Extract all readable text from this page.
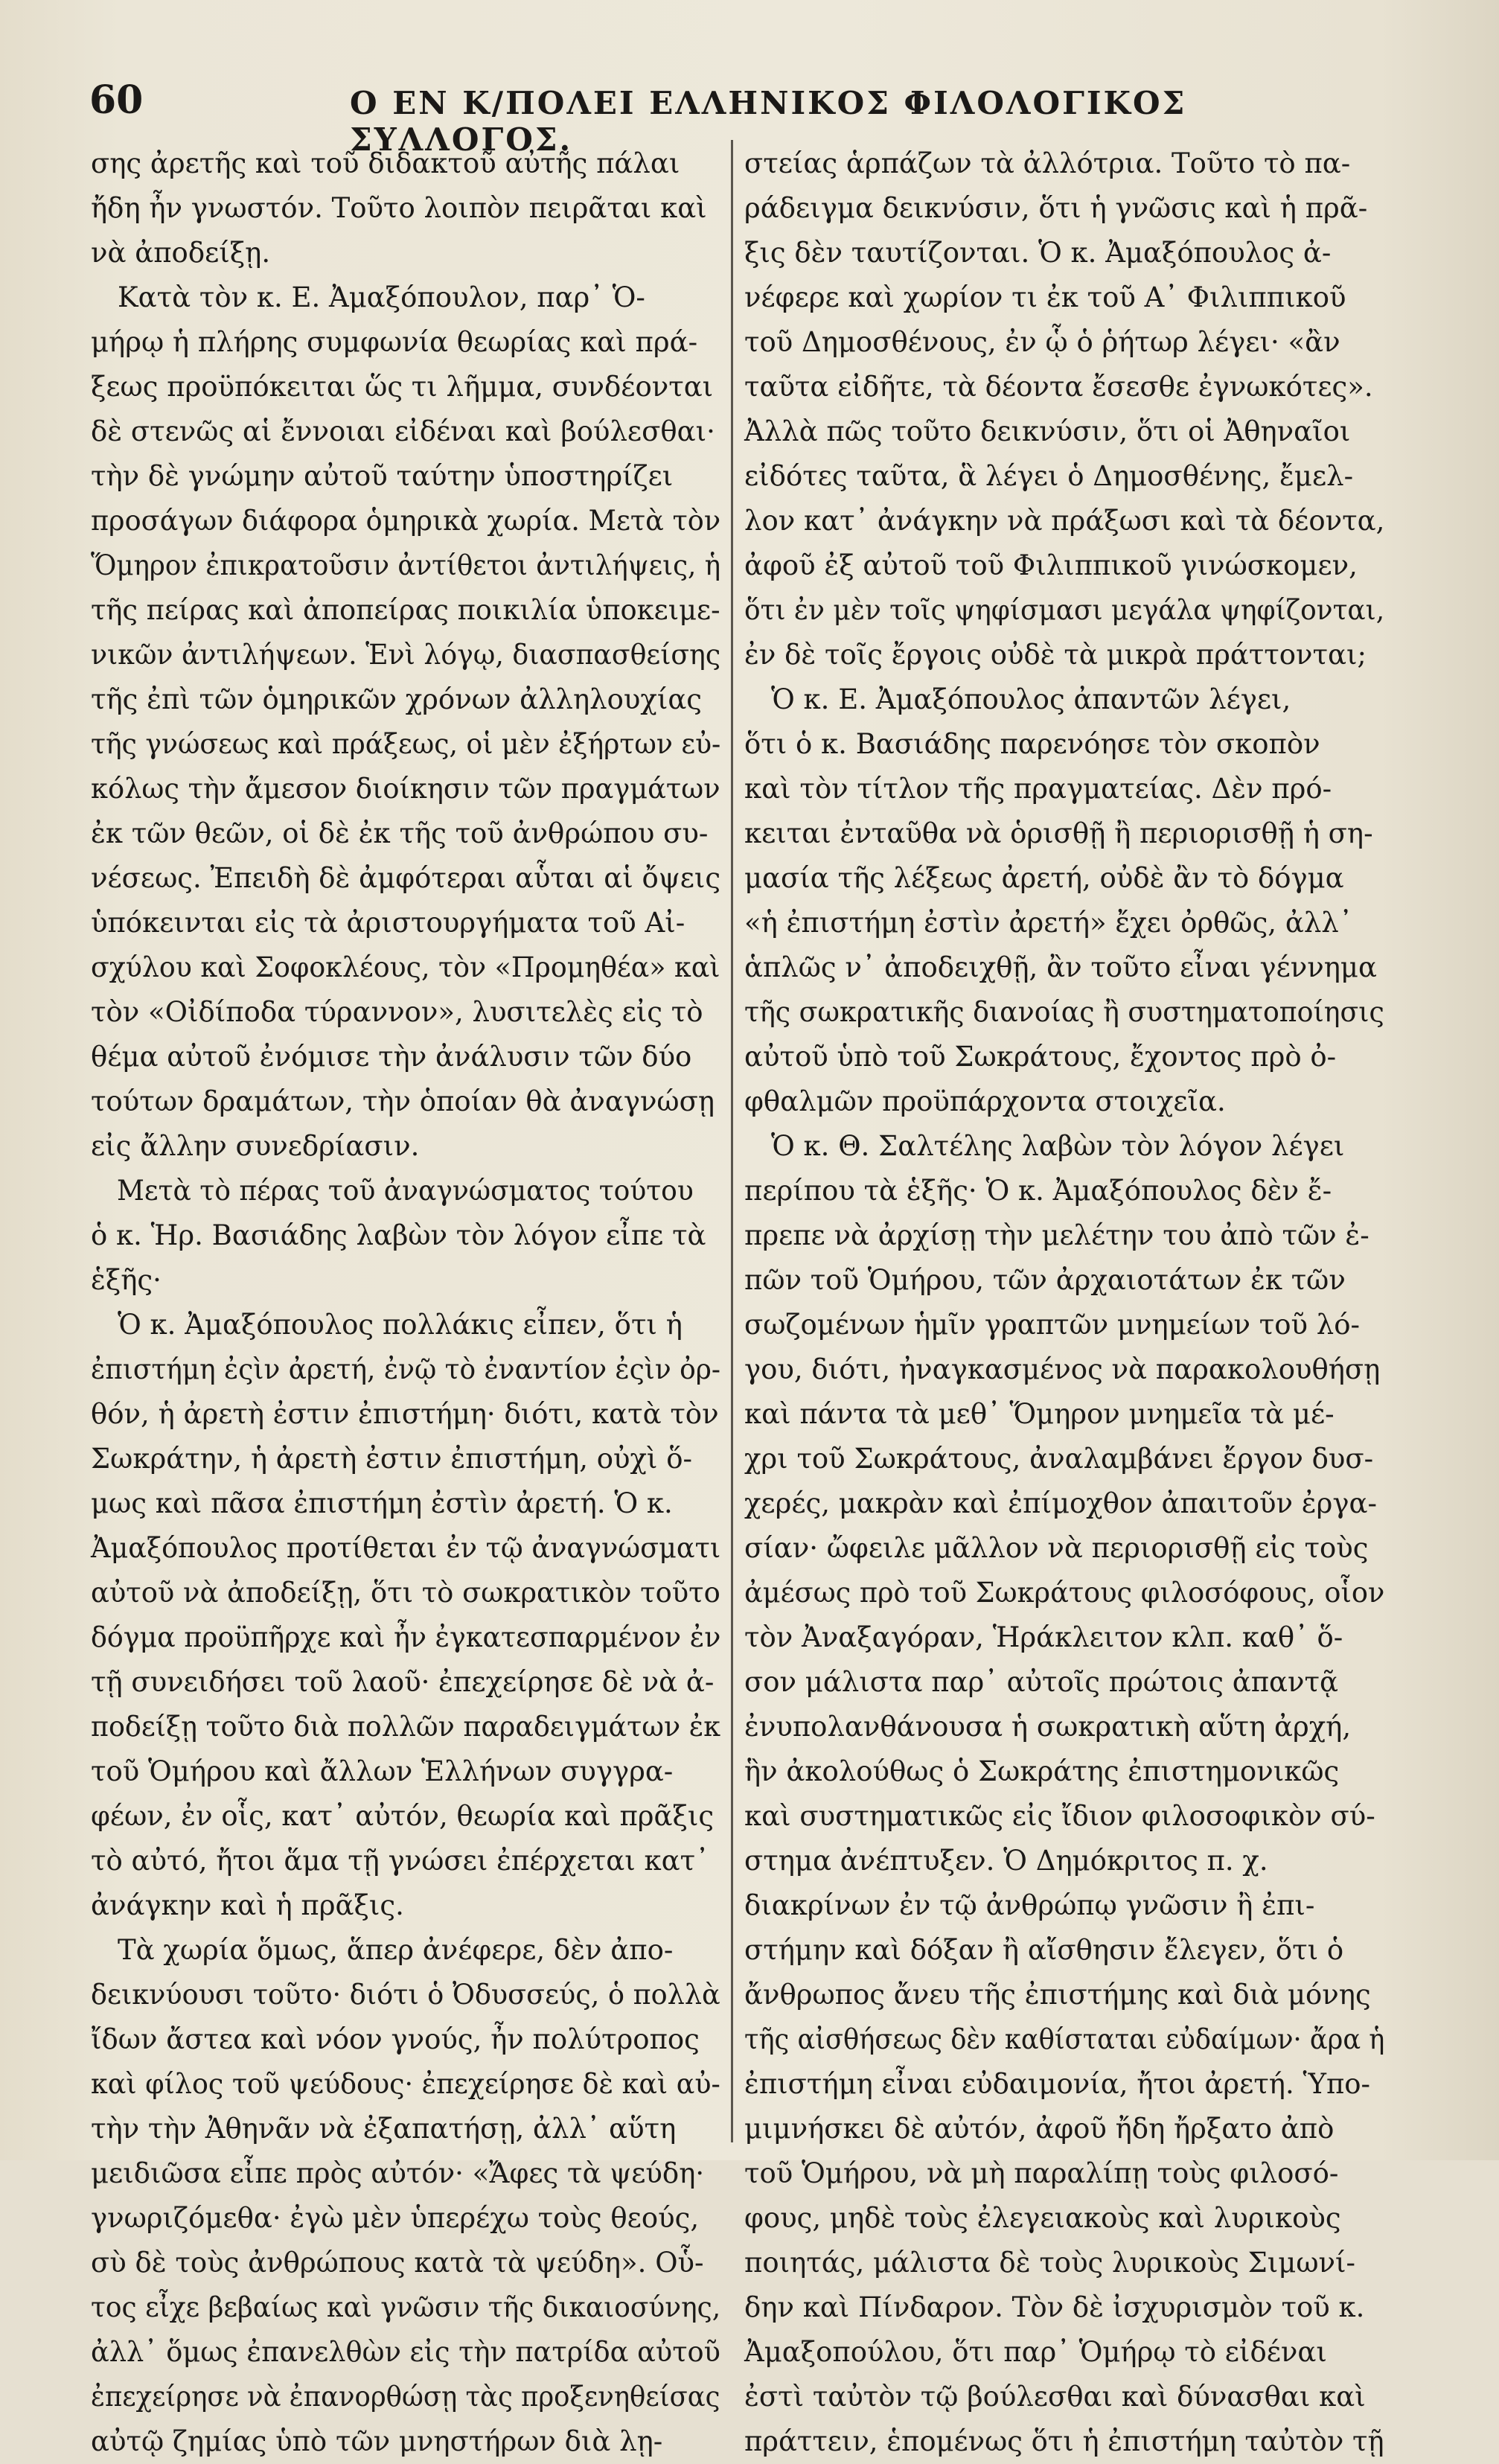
60	Ο ΕΝ Κ/ΠΟΛΕΙ ΕΛΛΗΝΙΚΟΣ ΦΙΛΟΛΟΓΙΚΟΣ ΣΥΛΛΟΓΟΣ.
σης ἀρετῆς καὶ τοῦ διδακτοῦ αὐτῆς πάλαι
ἤδη ἦν γνωστόν. Τοῦτο λοιπὸν πειρᾶται καὶ
νὰ ἀποδείξῃ.
Κατὰ τὸν κ. Ε. Ἀμαξόπουλον, παρ᾽ Ὁ-
μήρῳ ἡ πλήρης συμφωνία θεωρίας καὶ πρά-
ξεως προϋπόκειται ὥς τι λῆμμα, συνδέονται
δὲ στενῶς αἱ ἔννοιαι εἰδέναι καὶ βούλεσθαι·
τὴν δὲ γνώμην αὐτοῦ ταύτην ὑποστηρίζει
προσάγων διάφορα ὁμηρικὰ χωρία. Μετὰ τὸν
Ὅμηρον ἐπικρατοῦσιν ἀντίθετοι ἀντιλήψεις, ἡ
τῆς πείρας καὶ ἀποπείρας ποικιλία ὑποκειμε-
νικῶν ἀντιλήψεων. Ἑνὶ λόγῳ, διασπασθείσης
τῆς ἐπὶ τῶν ὁμηρικῶν χρόνων ἀλληλουχίας
τῆς γνώσεως καὶ πράξεως, οἱ μὲν ἐξήρτων εὐ-
κόλως τὴν ἄμεσον διοίκησιν τῶν πραγμάτων
ἐκ τῶν θεῶν, οἱ δὲ ἐκ τῆς τοῦ ἀνθρώπου συ-
νέσεως. Ἐπειδὴ δὲ ἀμφότεραι αὗται αἱ ὄψεις
ὑπόκεινται εἰς τὰ ἀριστουργήματα τοῦ Αἰ-
σχύλου καὶ Σοφοκλέους, τὸν «Προμηθέα» καὶ
τὸν «Οἰδίποδα τύραννον», λυσιτελὲς εἰς τὸ
θέμα αὐτοῦ ἐνόμισε τὴν ἀνάλυσιν τῶν δύο
τούτων δραμάτων, τὴν ὁποίαν θὰ ἀναγνώσῃ
εἰς ἄλλην συνεδρίασιν.
Μετὰ τὸ πέρας τοῦ ἀναγνώσματος τούτου
ὁ κ. Ἡρ. Βασιάδης λαβὼν τὸν λόγον εἶπε τὰ
ἑξῆς·
Ὁ κ. Ἀμαξόπουλος πολλάκις εἶπεν, ὅτι ἡ
ἐπιστήμη ἐςὶν ἀρετή, ἐνῷ τὸ ἐναντίον ἐςὶν ὀρ-
θόν, ἡ ἀρετὴ ἐστιν ἐπιστήμη· διότι, κατὰ τὸν
Σωκράτην, ἡ ἀρετὴ ἐστιν ἐπιστήμη, οὐχὶ ὅ-
μως καὶ πᾶσα ἐπιστήμη ἐστὶν ἀρετή. Ὁ κ.
Ἀμαξόπουλος προτίθεται ἐν τῷ ἀναγνώσματι
αὐτοῦ νὰ ἀποδείξῃ, ὅτι τὸ σωκρατικὸν τοῦτο
δόγμα προϋπῆρχε καὶ ἦν ἐγκατεσπαρμένον ἐν
τῇ συνειδήσει τοῦ λαοῦ· ἐπεχείρησε δὲ νὰ ἀ-
ποδείξῃ τοῦτο διὰ πολλῶν παραδειγμάτων ἐκ
τοῦ Ὁμήρου καὶ ἄλλων Ἑλλήνων συγγρα-
φέων, ἐν οἷς, κατ᾽ αὐτόν, θεωρία καὶ πρᾶξις
τὸ αὐτό, ἤτοι ἅμα τῇ γνώσει ἐπέρχεται κατ᾽
ἀνάγκην καὶ ἡ πρᾶξις.
Τὰ χωρία ὅμως, ἅπερ ἀνέφερε, δὲν ἀπο-
δεικνύουσι τοῦτο· διότι ὁ Ὀδυσσεύς, ὁ πολλὰ
ἴδων ἄστεα καὶ νόον γνούς, ἦν πολύτροπος
καὶ φίλος τοῦ ψεύδους· ἐπεχείρησε δὲ καὶ αὐ-
τὴν τὴν Ἀθηνᾶν νὰ ἐξαπατήσῃ, ἀλλ᾽ αὕτη
μειδιῶσα εἶπε πρὸς αὐτόν· «Ἄφες τὰ ψεύδη·
γνωριζόμεθα· ἐγὼ μὲν ὑπερέχω τοὺς θεούς,
σὺ δὲ τοὺς ἀνθρώπους κατὰ τὰ ψεύδη». Οὗ-
τος εἶχε βεβαίως καὶ γνῶσιν τῆς δικαιοσύνης,
ἀλλ᾽ ὅμως ἐπανελθὼν εἰς τὴν πατρίδα αὐτοῦ
ἐπεχείρησε νὰ ἐπανορθώσῃ τὰς προξενηθείσας
αὐτῷ ζημίας ὑπὸ τῶν μνηστήρων διὰ λῃ-
στείας ἁρπάζων τὰ ἀλλότρια. Τοῦτο τὸ πα-
ράδειγμα δεικνύσιν, ὅτι ἡ γνῶσις καὶ ἡ πρᾶ-
ξις δὲν ταυτίζονται. Ὁ κ. Ἀμαξόπουλος ἀ-
νέφερε καὶ χωρίον τι ἐκ τοῦ Α᾽ Φιλιππικοῦ
τοῦ Δημοσθένους, ἐν ᾧ ὁ ῥήτωρ λέγει· «ἂν
ταῦτα εἰδῆτε, τὰ δέοντα ἔσεσθε ἐγνωκότες».
Ἀλλὰ πῶς τοῦτο δεικνύσιν, ὅτι οἱ Ἀθηναῖοι
εἰδότες ταῦτα, ἃ λέγει ὁ Δημοσθένης, ἔμελ-
λον κατ᾽ ἀνάγκην νὰ πράξωσι καὶ τὰ δέοντα,
ἀφοῦ ἐξ αὐτοῦ τοῦ Φιλιππικοῦ γινώσκομεν,
ὅτι ἐν μὲν τοῖς ψηφίσμασι μεγάλα ψηφίζονται,
ἐν δὲ τοῖς ἔργοις οὐδὲ τὰ μικρὰ πράττονται;
Ὁ κ. Ε. Ἀμαξόπουλος ἀπαντῶν λέγει,
ὅτι ὁ κ. Βασιάδης παρενόησε τὸν σκοπὸν
καὶ τὸν τίτλον τῆς πραγματείας. Δὲν πρό-
κειται ἐνταῦθα νὰ ὁρισθῇ ἢ περιορισθῇ ἡ ση-
μασία τῆς λέξεως ἀρετή, οὐδὲ ἂν τὸ δόγμα
«ἡ ἐπιστήμη ἐστὶν ἀρετή» ἔχει ὀρθῶς, ἀλλ᾽
ἁπλῶς ν᾽ ἀποδειχθῇ, ἂν τοῦτο εἶναι γέννημα
τῆς σωκρατικῆς διανοίας ἢ συστηματοποίησις
αὐτοῦ ὑπὸ τοῦ Σωκράτους, ἔχοντος πρὸ ὀ-
φθαλμῶν προϋπάρχοντα στοιχεῖα.
Ὁ κ. Θ. Σαλτέλης λαβὼν τὸν λόγον λέγει
περίπου τὰ ἑξῆς· Ὁ κ. Ἀμαξόπουλος δὲν ἔ-
πρεπε νὰ ἀρχίσῃ τὴν μελέτην του ἀπὸ τῶν ἐ-
πῶν τοῦ Ὁμήρου, τῶν ἀρχαιοτάτων ἐκ τῶν
σωζομένων ἡμῖν γραπτῶν μνημείων τοῦ λό-
γου, διότι, ἠναγκασμένος νὰ παρακολουθήσῃ
καὶ πάντα τὰ μεθ᾽ Ὅμηρον μνημεῖα τὰ μέ-
χρι τοῦ Σωκράτους, ἀναλαμβάνει ἔργον δυσ-
χερές, μακρὰν καὶ ἐπίμοχθον ἀπαιτοῦν ἐργα-
σίαν· ὤφειλε μᾶλλον νὰ περιορισθῇ εἰς τοὺς
ἀμέσως πρὸ τοῦ Σωκράτους φιλοσόφους, οἷον
τὸν Ἀναξαγόραν, Ἡράκλειτον κλπ. καθ᾽ ὅ-
σον μάλιστα παρ᾽ αὐτοῖς πρώτοις ἀπαντᾷ
ἐνυπολανθάνουσα ἡ σωκρατικὴ αὕτη ἀρχή,
ἣν ἀκολούθως ὁ Σωκράτης ἐπιστημονικῶς
καὶ συστηματικῶς εἰς ἴδιον φιλοσοφικὸν σύ-
στημα ἀνέπτυξεν. Ὁ Δημόκριτος π. χ.
διακρίνων ἐν τῷ ἀνθρώπῳ γνῶσιν ἢ ἐπι-
στήμην καὶ δόξαν ἢ αἴσθησιν ἔλεγεν, ὅτι ὁ
ἄνθρωπος ἄνευ τῆς ἐπιστήμης καὶ διὰ μόνης
τῆς αἰσθήσεως δὲν καθίσταται εὐδαίμων· ἄρα ἡ
ἐπιστήμη εἶναι εὐδαιμονία, ἤτοι ἀρετή. Ὑπο-
μιμνήσκει δὲ αὐτόν, ἀφοῦ ἤδη ἤρξατο ἀπὸ
τοῦ Ὁμήρου, νὰ μὴ παραλίπῃ τοὺς φιλοσό-
φους, μηδὲ τοὺς ἐλεγειακοὺς καὶ λυρικοὺς
ποιητάς, μάλιστα δὲ τοὺς λυρικοὺς Σιμωνί-
δην καὶ Πίνδαρον. Τὸν δὲ ἰσχυρισμὸν τοῦ κ.
Ἀμαξοπούλου, ὅτι παρ᾽ Ὁμήρῳ τὸ εἰδέναι
ἐστὶ ταὐτὸν τῷ βούλεσθαι καὶ δύνασθαι καὶ
πράττειν, ἑπομένως ὅτι ἡ ἐπιστήμη ταὐτὸν τῇ
